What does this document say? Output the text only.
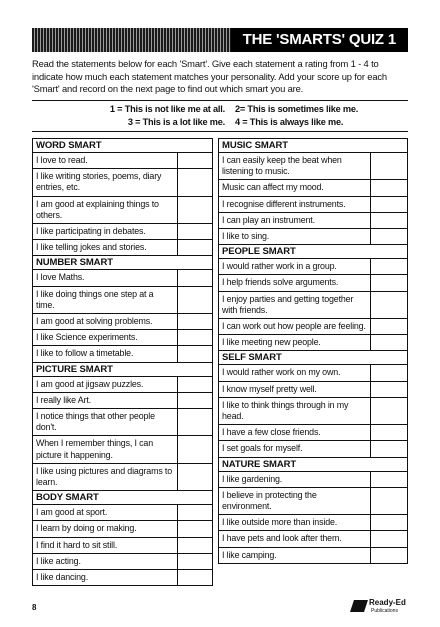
THE 'SMARTS' QUIZ 1
Read the statements below for each 'Smart'. Give each statement a rating from 1 - 4 to indicate how much each statement matches your personality. Add your score up for each 'Smart' and record on the next page to find out which smart you are.
1 = This is not like me at all.	2= This is sometimes like me.
3 = This is a lot like me.	4 = This is always like me.
WORD SMART
I love to read.
I like writing stories, poems, diary entries, etc.
I am good at explaining things to others.
I like participating in debates.
I like telling jokes and stories.
NUMBER SMART
I love Maths.
I like doing things one step at a time.
I am good at solving problems.
I like Science experiments.
I like to follow a timetable.
PICTURE SMART
I am good at jigsaw puzzles.
I really like Art.
I notice things that other people don't.
When I remember things, I can picture it happening.
I like using pictures and diagrams to learn.
BODY SMART
I am good at sport.
I learn by doing or making.
I find it hard to sit still.
I like acting.
I like dancing.
MUSIC SMART
I can easily keep the beat when listening to music.
Music can affect my mood.
I recognise different instruments.
I can play an instrument.
I like to sing.
PEOPLE SMART
I would rather work in a group.
I help friends solve arguments.
I enjoy parties and getting together with friends.
I can work out how people are feeling.
I like meeting new people.
SELF SMART
I would rather work on my own.
I know myself pretty well.
I like to think things through in my head.
I have a few close friends.
I set goals for myself.
NATURE SMART
I like gardening.
I believe in protecting the environment.
I like outside more than inside.
I have pets and look after them.
I like camping.
8
Ready-Ed
Publications
